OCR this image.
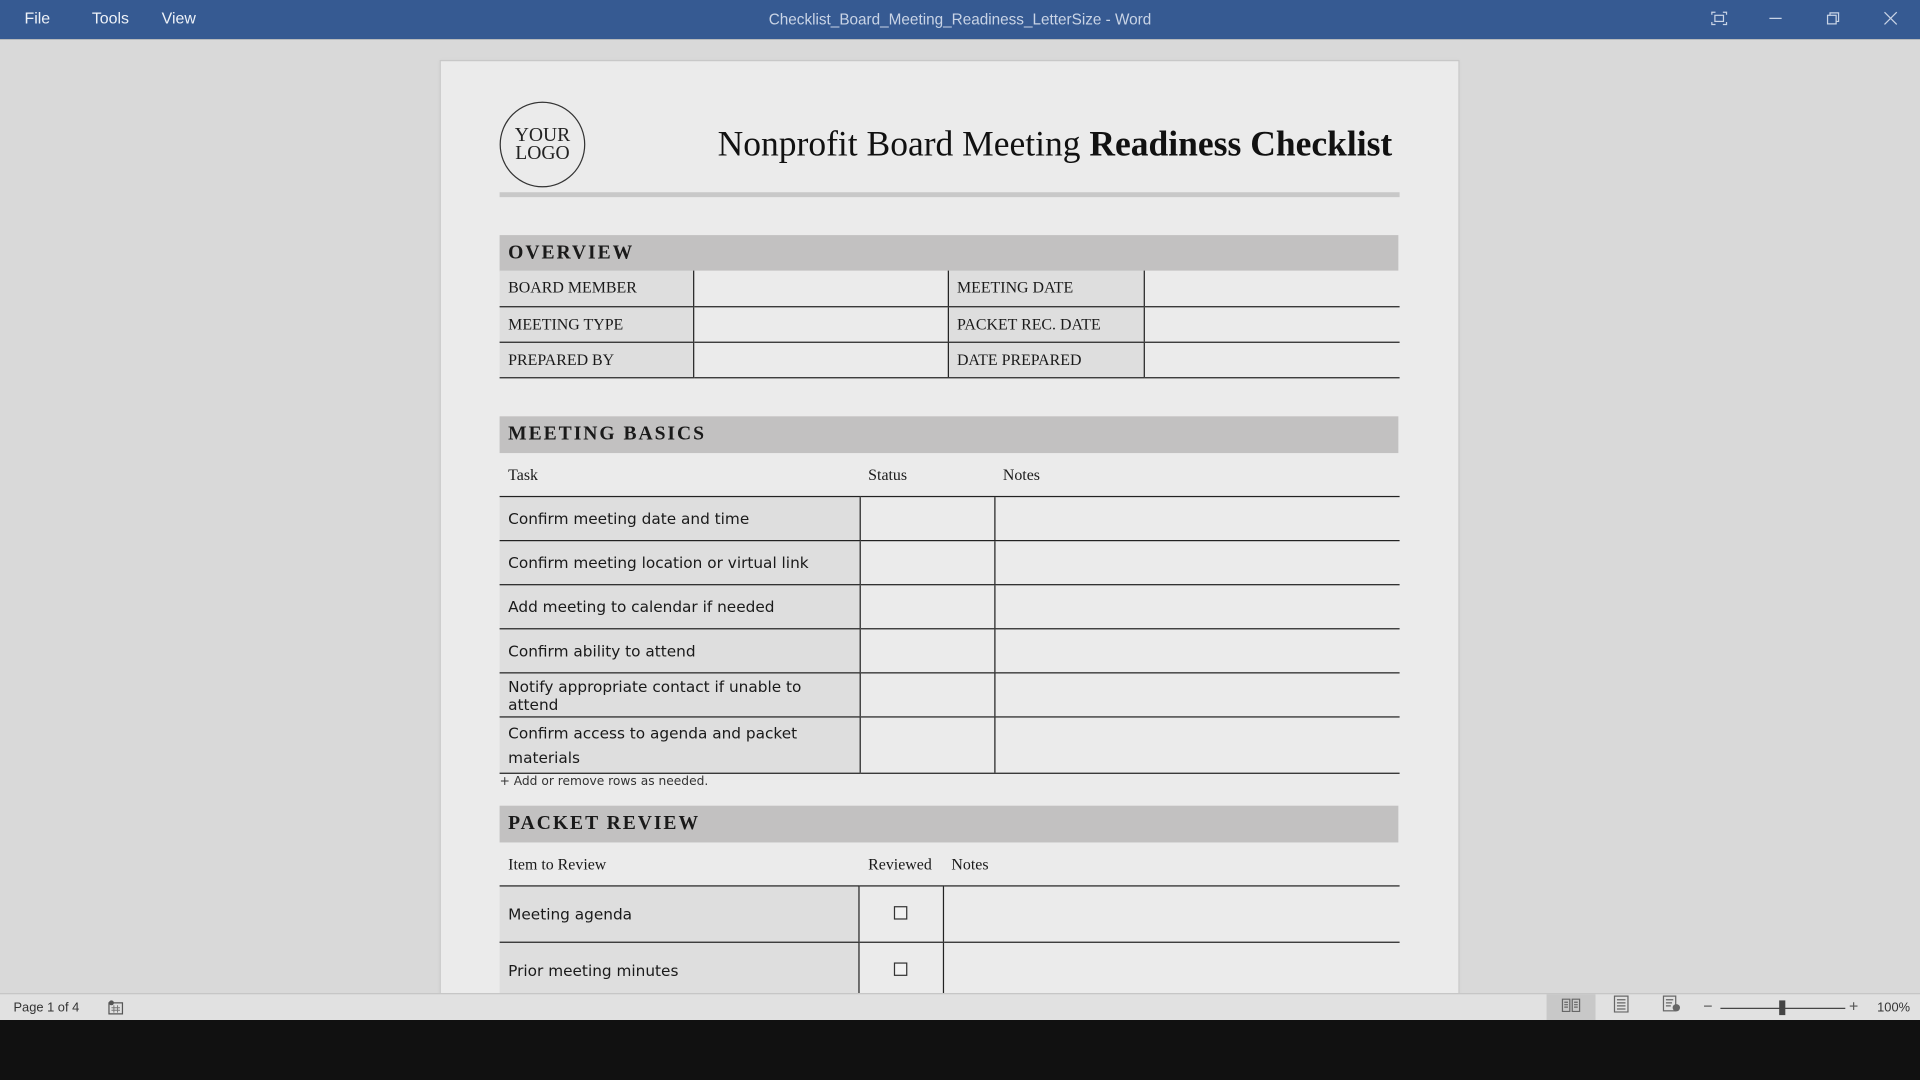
File	Tools	View	Checklist_Board_Meeting_Readiness_LetterSize - Word
YOUR
LOGO	Nonprofit Board Meeting Readiness Checklist
OVERVIEW
BOARD MEMBER		MEETING DATE	
MEETING TYPE		PACKET REC. DATE	
PREPARED BY		DATE PREPARED	
MEETING BASICS
Task	Status	Notes
Confirm meeting date and time		
Confirm meeting location or virtual link		
Add meeting to calendar if needed		
Confirm ability to attend		
Notify appropriate contact if unable to attend		
Confirm access to agenda and packet materials		
+ Add or remove rows as needed.
PACKET REVIEW
Item to Review	Reviewed	Notes
Meeting agenda		
Prior meeting minutes		
Page 1 of 4	−	+ 100%
